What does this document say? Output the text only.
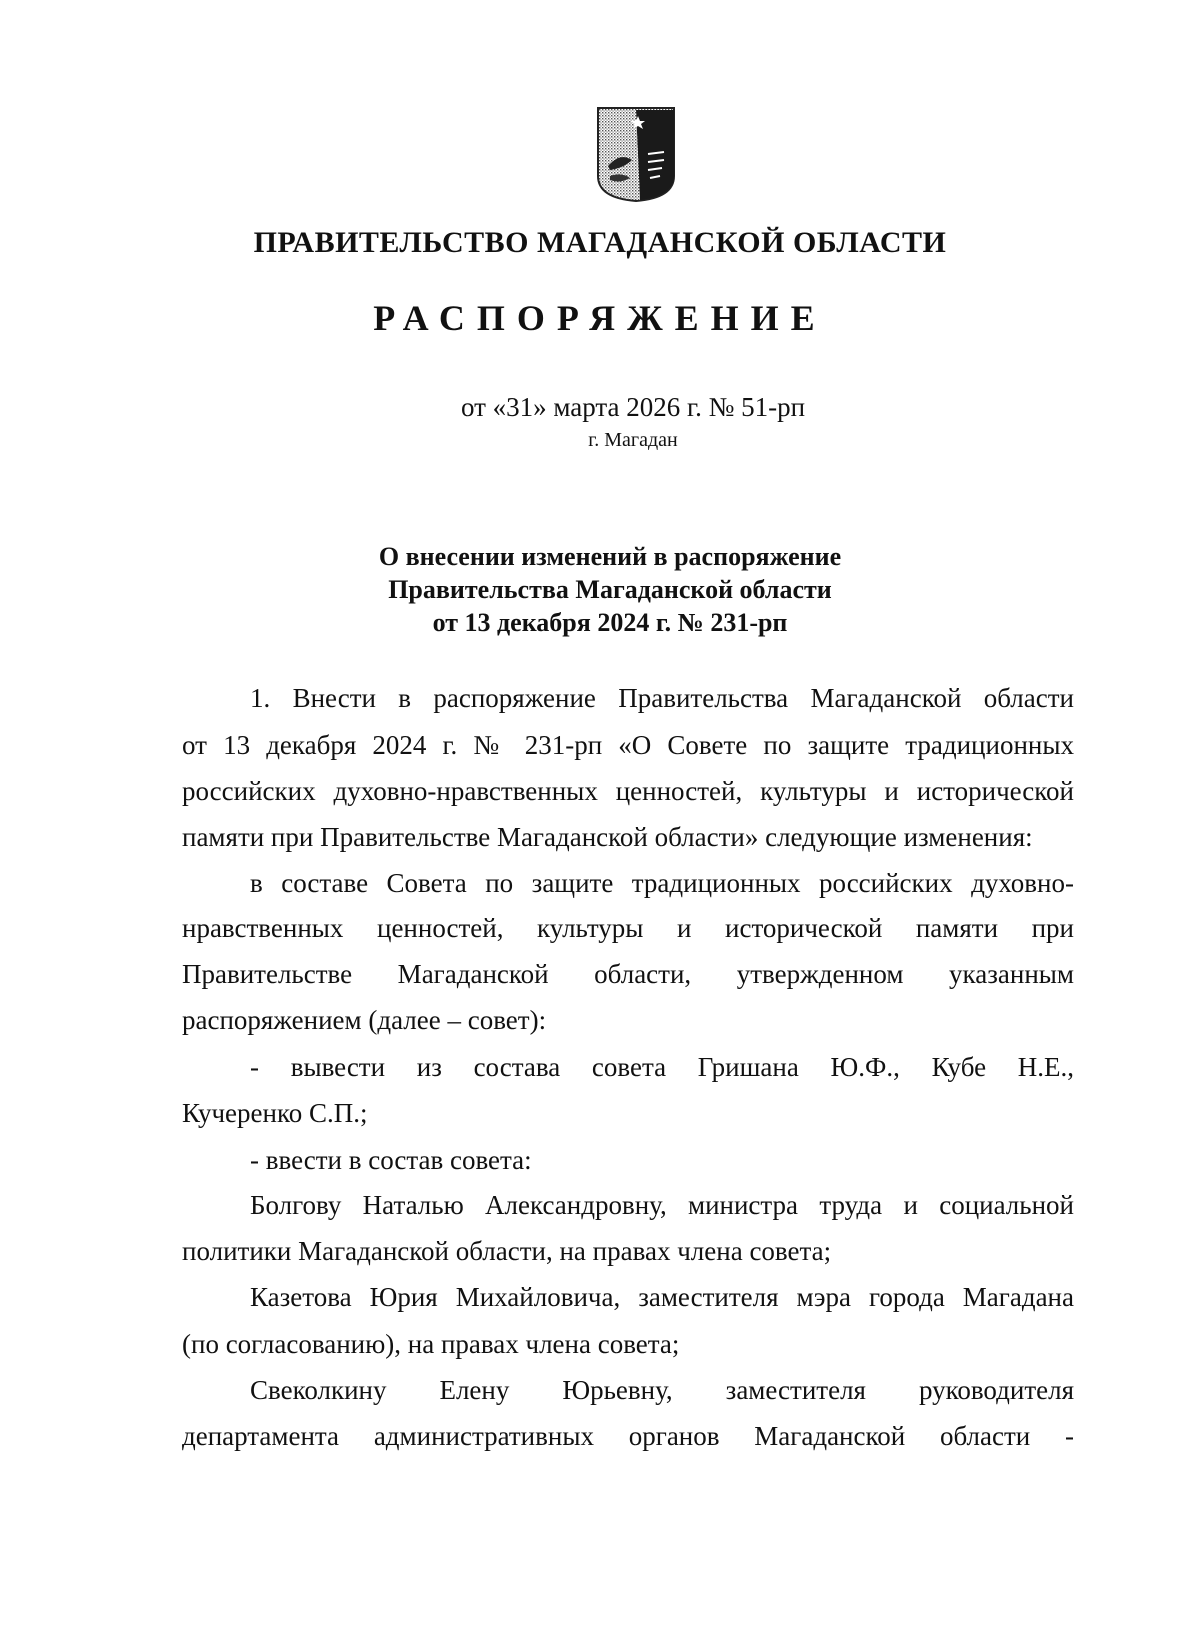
ПРАВИТЕЛЬСТВО МАГАДАНСКОЙ ОБЛАСТИ
РАСПОРЯЖЕНИЕ
от «31» марта 2026 г. № 51-рп
г. Магадан
О внесении изменений в распоряжение
Правительства Магаданской области
от 13 декабря 2024 г. № 231-рп
1. Внести в распоряжение Правительства Магаданской области
от 13 декабря 2024 г. № 231-рп «О Совете по защите традиционных
российских духовно-нравственных ценностей, культуры и исторической
памяти при Правительстве Магаданской области» следующие изменения:
в составе Совета по защите традиционных российских духовно-
нравственных ценностей, культуры и исторической памяти при
Правительстве Магаданской области, утвержденном указанным
распоряжением (далее – совет):
- вывести из состава совета Гришана Ю.Ф., Кубе Н.Е.,
Кучеренко С.П.;
- ввести в состав совета:
Болгову Наталью Александровну, министра труда и социальной
политики Магаданской области, на правах члена совета;
Казетова Юрия Михайловича, заместителя мэра города Магадана
(по согласованию), на правах члена совета;
Свеколкину Елену Юрьевну, заместителя руководителя
департамента административных органов Магаданской области -
